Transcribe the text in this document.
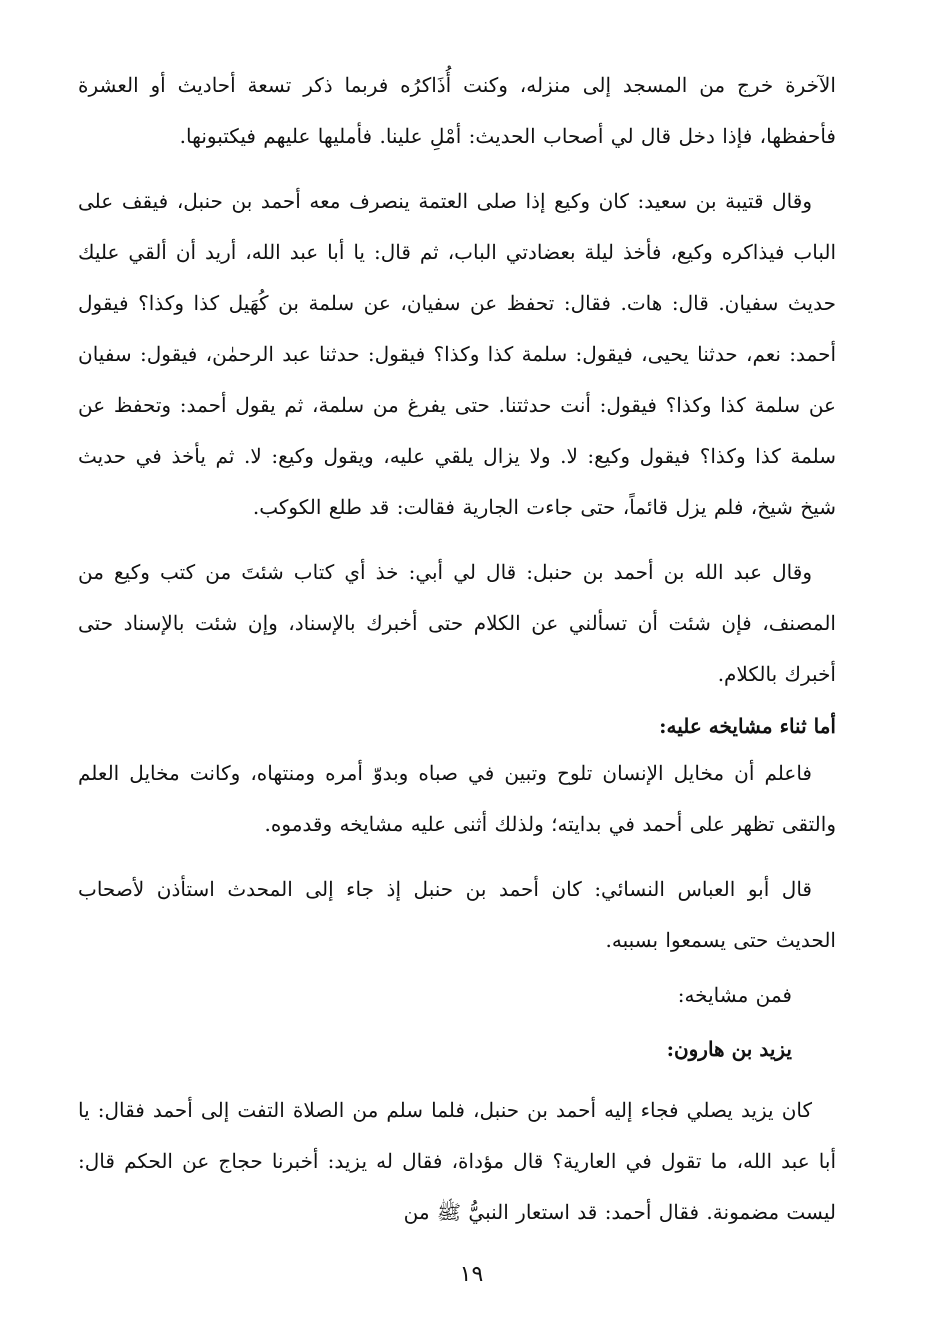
الآخرة خرج من المسجد إلى منزله، وكنت أُذَاكرُه فربما ذكر تسعة أحاديث أو العشرة فأحفظها، فإذا دخل قال لي أصحاب الحديث: أمْلِ علينا. فأمليها عليهم فيكتبونها.

وقال قتيبة بن سعيد: كان وكيع إذا صلى العتمة ينصرف معه أحمد بن حنبل، فيقف على الباب فيذاكره وكيع، فأخذ ليلة بعضادتي الباب، ثم قال: يا أبا عبد الله، أريد أن ألقي عليك حديث سفيان. قال: هات. فقال: تحفظ عن سفيان، عن سلمة بن كُهَيل كذا وكذا؟ فيقول أحمد: نعم، حدثنا يحيى، فيقول: سلمة كذا وكذا؟ فيقول: حدثنا عبد الرحمٰن، فيقول: سفيان عن سلمة كذا وكذا؟ فيقول: أنت حدثتنا. حتى يفرغ من سلمة، ثم يقول أحمد: وتحفظ عن سلمة كذا وكذا؟ فيقول وكيع: لا. ولا يزال يلقي عليه، ويقول وكيع: لا. ثم يأخذ في حديث شيخ شيخ، فلم يزل قائماً، حتى جاءت الجارية فقالت: قد طلع الكوكب.

وقال عبد الله بن أحمد بن حنبل: قال لي أبي: خذ أي كتاب شئتَ من كتب وكيع من المصنف، فإن شئت أن تسألني عن الكلام حتى أخبرك بالإسناد، وإن شئت بالإسناد حتى أخبرك بالكلام.

أما ثناء مشايخه عليه:

فاعلم أن مخايل الإنسان تلوح وتبين في صباه وبدوّ أمره ومنتهاه، وكانت مخايل العلم والتقى تظهر على أحمد في بدايته؛ ولذلك أثنى عليه مشايخه وقدموه.

قال أبو العباس النسائي: كان أحمد بن حنبل إذ جاء إلى المحدث استأذن لأصحاب الحديث حتى يسمعوا بسببه.

فمن مشايخه:

يزيد بن هارون:

كان يزيد يصلي فجاء إليه أحمد بن حنبل، فلما سلم من الصلاة التفت إلى أحمد فقال: يا أبا عبد الله، ما تقول في العارية؟ قال مؤداة، فقال له يزيد: أخبرنا حجاج عن الحكم قال: ليست مضمونة. فقال أحمد: قد استعار النبيُّ ﷺ من

١٩
